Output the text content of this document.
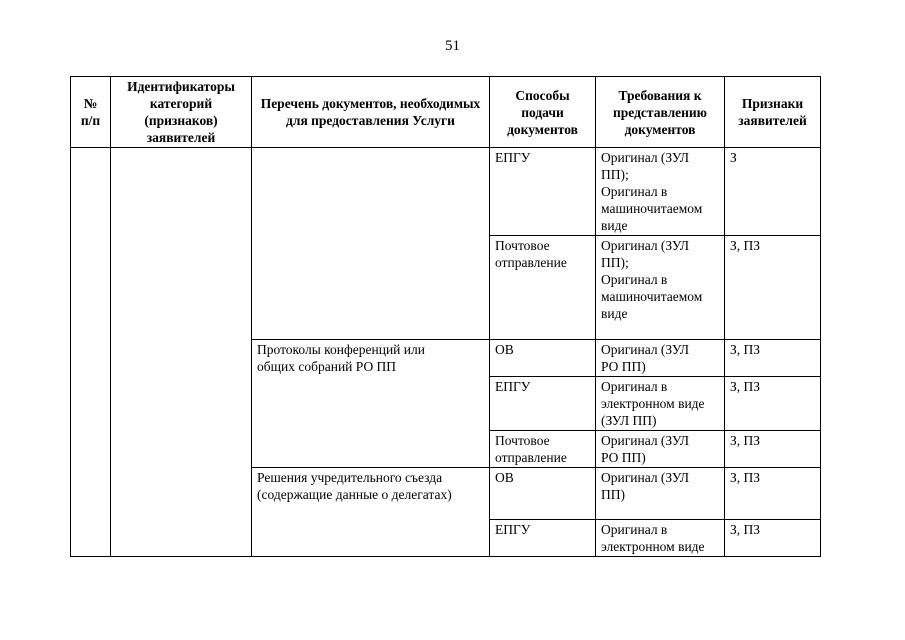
51
№
п/п	Идентификаторы категорий (признаков) заявителей	Перечень документов, необходимых для предоставления Услуги	Способы подачи документов	Требования к представлению документов	Признаки заявителей

			ЕПГУ	Оригинал (ЗУЛ
ПП);
Оригинал в
машиночитаемом
виде	З

			Почтовое
отправление	Оригинал (ЗУЛ
ПП);
Оригинал в
машиночитаемом
виде	З, ПЗ

		Протоколы конференций или
общих собраний РО ПП	ОВ	Оригинал (ЗУЛ
РО ПП)	З, ПЗ

			ЕПГУ	Оригинал в
электронном виде
(ЗУЛ ПП)	З, ПЗ

			Почтовое
отправление	Оригинал (ЗУЛ
РО ПП)	З, ПЗ

		Решения учредительного съезда
(содержащие данные о делегатах)	ОВ	Оригинал (ЗУЛ
ПП)	З, ПЗ

			ЕПГУ	Оригинал в
электронном виде	З, ПЗ
